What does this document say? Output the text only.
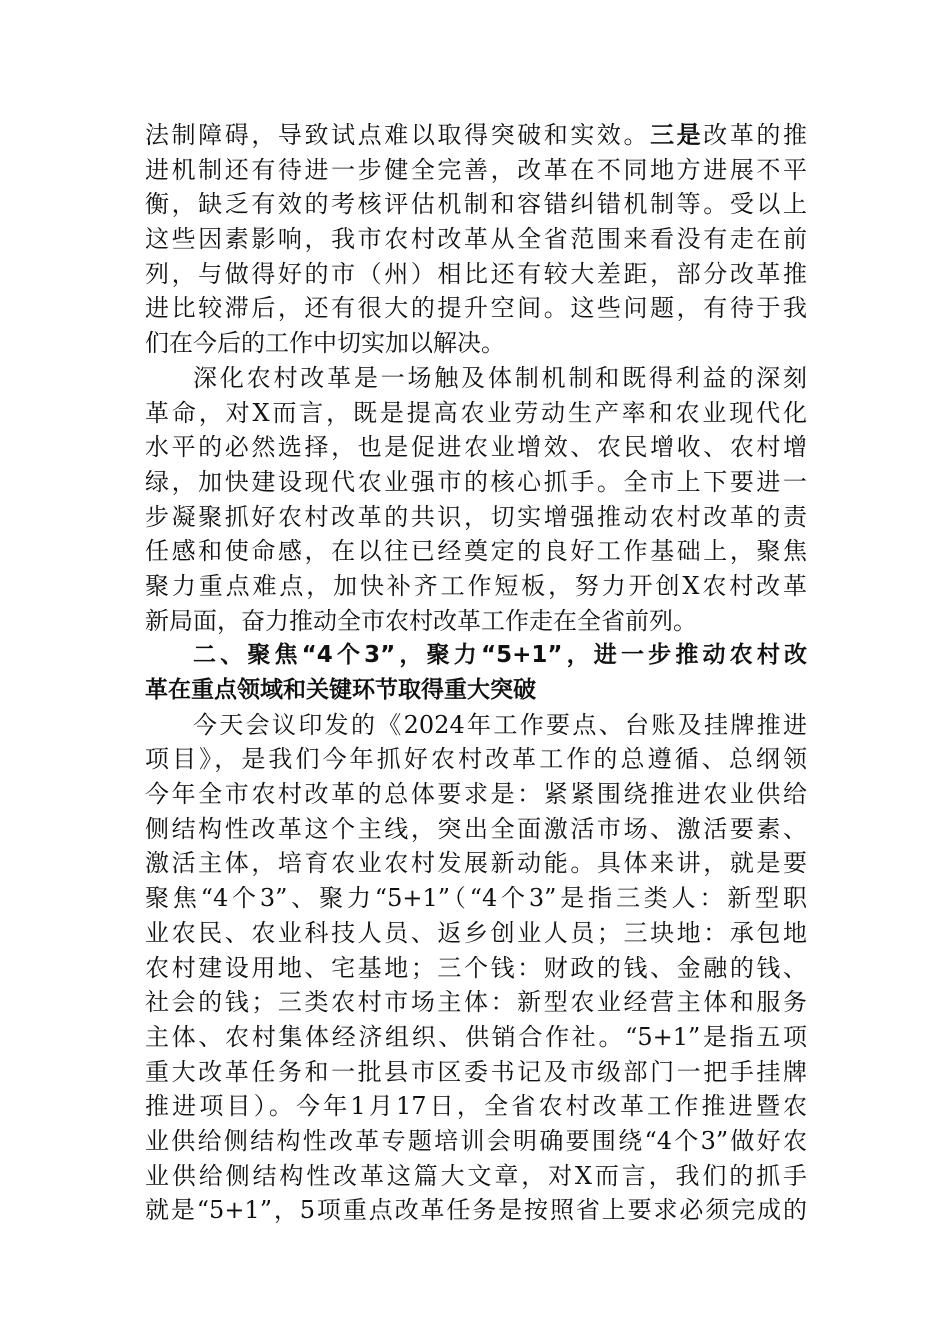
法制障碍，导致试点难以取得突破和实效。三是改革的推
进机制还有待进一步健全完善，改革在不同地方进展不平
衡，缺乏有效的考核评估机制和容错纠错机制等。受以上
这些因素影响，我市农村改革从全省范围来看没有走在前
列，与做得好的市（州）相比还有较大差距，部分改革推
进比较滞后，还有很大的提升空间。这些问题，有待于我
们在今后的工作中切实加以解决。
深化农村改革是一场触及体制机制和既得利益的深刻
革命，对X而言，既是提高农业劳动生产率和农业现代化
水平的必然选择，也是促进农业增效、农民增收、农村增
绿，加快建设现代农业强市的核心抓手。全市上下要进一
步凝聚抓好农村改革的共识，切实增强推动农村改革的责
任感和使命感，在以往已经奠定的良好工作基础上，聚焦
聚力重点难点，加快补齐工作短板，努力开创X农村改革
新局面，奋力推动全市农村改革工作走在全省前列。
二、聚焦“4个3”，聚力“5+1”，进一步推动农村改
革在重点领域和关键环节取得重大突破
今天会议印发的《2024年工作要点、台账及挂牌推进
项目》，是我们今年抓好农村改革工作的总遵循、总纲领
今年全市农村改革的总体要求是：紧紧围绕推进农业供给
侧结构性改革这个主线，突出全面激活市场、激活要素、
激活主体，培育农业农村发展新动能。具体来讲，就是要
聚焦“4个3”、聚力“5+1”（“4个3”是指三类人：新型职
业农民、农业科技人员、返乡创业人员；三块地：承包地
农村建设用地、宅基地；三个钱：财政的钱、金融的钱、
社会的钱；三类农村市场主体：新型农业经营主体和服务
主体、农村集体经济组织、供销合作社。“5+1”是指五项
重大改革任务和一批县市区委书记及市级部门一把手挂牌
推进项目）。今年1月17日，全省农村改革工作推进暨农
业供给侧结构性改革专题培训会明确要围绕“4个3”做好农
业供给侧结构性改革这篇大文章，对X而言，我们的抓手
就是“5+1”，5项重点改革任务是按照省上要求必须完成的
